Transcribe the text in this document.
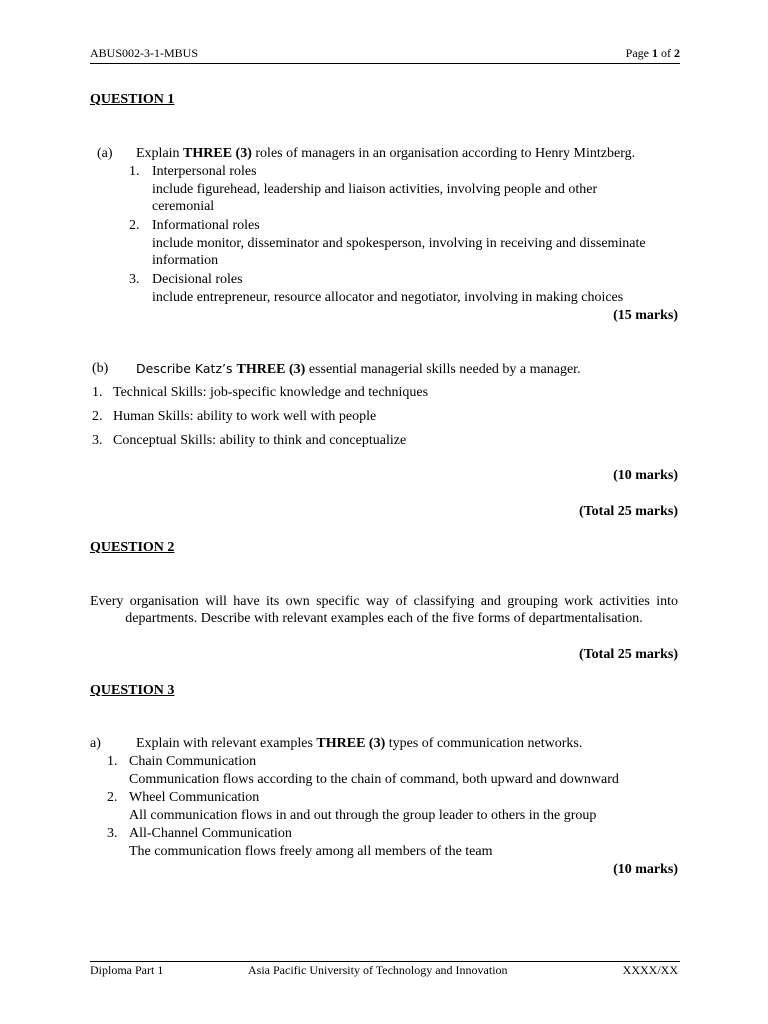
ABUS002-3-1-MBUS	Page 1 of 2
QUESTION 1
(a) Explain THREE (3) roles of managers in an organisation according to Henry Mintzberg.
1. Interpersonal roles
include figurehead, leadership and liaison activities, involving people and other
ceremonial
2. Informational roles
include monitor, disseminator and spokesperson, involving in receiving and disseminate
information
3. Decisional roles
include entrepreneur, resource allocator and negotiator, involving in making choices
(15 marks)
(b) Describe Katz’s THREE (3) essential managerial skills needed by a manager.
1. Technical Skills: job-specific knowledge and techniques
2. Human Skills: ability to work well with people
3. Conceptual Skills: ability to think and conceptualize
(10 marks)
(Total 25 marks)
QUESTION 2
Every organisation will have its own specific way of classifying and grouping work activities into departments. Describe with relevant examples each of the five forms of departmentalisation.
(Total 25 marks)
QUESTION 3
a)	Explain with relevant examples THREE (3) types of communication networks.
1. Chain Communication
Communication flows according to the chain of command, both upward and downward
2. Wheel Communication
All communication flows in and out through the group leader to others in the group
3. All-Channel Communication
The communication flows freely among all members of the team
(10 marks)
Diploma Part 1	Asia Pacific University of Technology and Innovation	XXXX/XX
